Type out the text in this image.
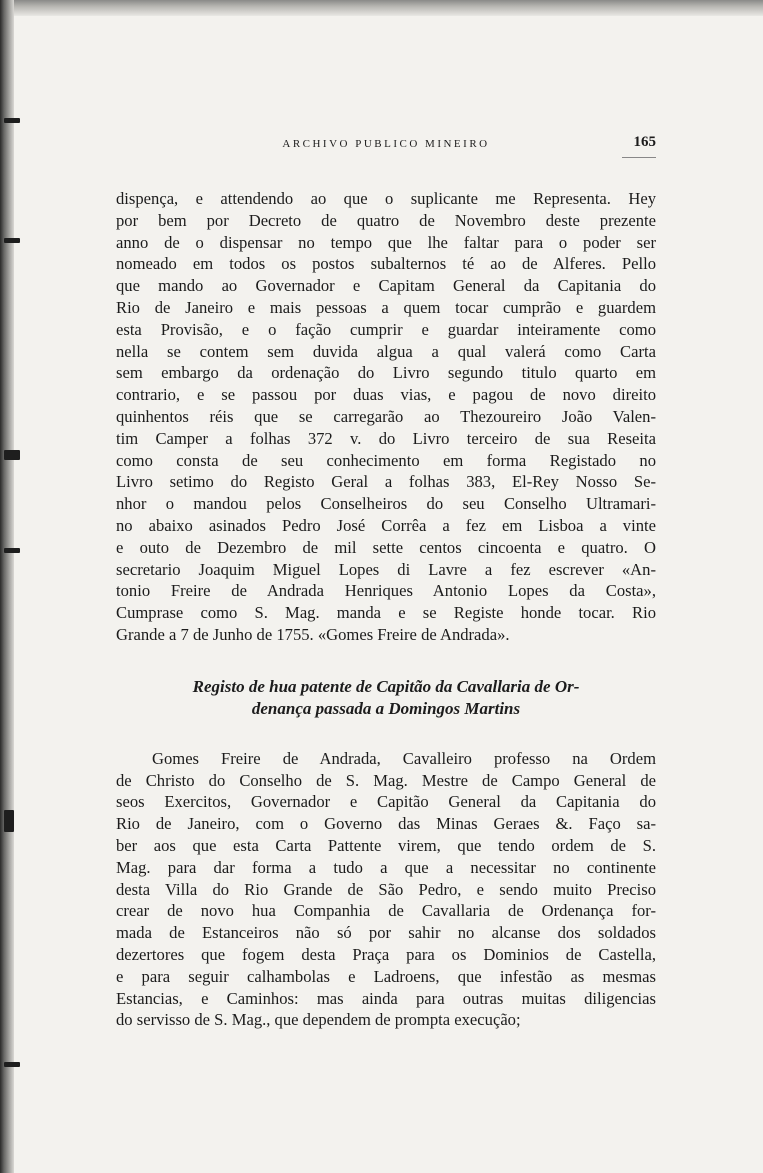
ARCHIVO PUBLICO MINEIRO	165

dispença, e attendendo ao que o suplicante me Representa. Hey
por bem por Decreto de quatro de Novembro deste prezente
anno de o dispensar no tempo que lhe faltar para o poder ser
nomeado em todos os postos subalternos té ao de Alferes. Pello
que mando ao Governador e Capitam General da Capitania do
Rio de Janeiro e mais pessoas a quem tocar cumprão e guardem
esta Provisão, e o fação cumprir e guardar inteiramente como
nella se contem sem duvida algua a qual valerá como Carta
sem embargo da ordenação do Livro segundo titulo quarto em
contrario, e se passou por duas vias, e pagou de novo direito
quinhentos réis que se carregarão ao Thezoureiro João Valen-
tim Camper a folhas 372 v. do Livro terceiro de sua Reseita
como consta de seu conhecimento em forma Registado no
Livro setimo do Registo Geral a folhas 383, El-Rey Nosso Se-
nhor o mandou pelos Conselheiros do seu Conselho Ultramari-
no abaixo asinados Pedro José Corrêa a fez em Lisboa a vinte
e outo de Dezembro de mil sette centos cincoenta e quatro. O
secretario Joaquim Miguel Lopes di Lavre a fez escrever «An-
tonio Freire de Andrada Henriques Antonio Lopes da Costa»,
Cumprase como S. Mag. manda e se Registe honde tocar. Rio
Grande a 7 de Junho de 1755. «Gomes Freire de Andrada».

Registo de hua patente de Capitão da Cavallaria de Or-
denança passada a Domingos Martins

Gomes Freire de Andrada, Cavalleiro professo na Ordem
de Christo do Conselho de S. Mag. Mestre de Campo General de
seos Exercitos, Governador e Capitão General da Capitania do
Rio de Janeiro, com o Governo das Minas Geraes &. Faço sa-
ber aos que esta Carta Pattente virem, que tendo ordem de S.
Mag. para dar forma a tudo a que a necessitar no continente
desta Villa do Rio Grande de São Pedro, e sendo muito Preciso
crear de novo hua Companhia de Cavallaria de Ordenança for-
mada de Estanceiros não só por sahir no alcanse dos soldados
dezertores que fogem desta Praça para os Dominios de Castella,
e para seguir calhambolas e Ladroens, que infestão as mesmas
Estancias, e Caminhos: mas ainda para outras muitas diligencias
do servisso de S. Mag., que dependem de prompta execução;
